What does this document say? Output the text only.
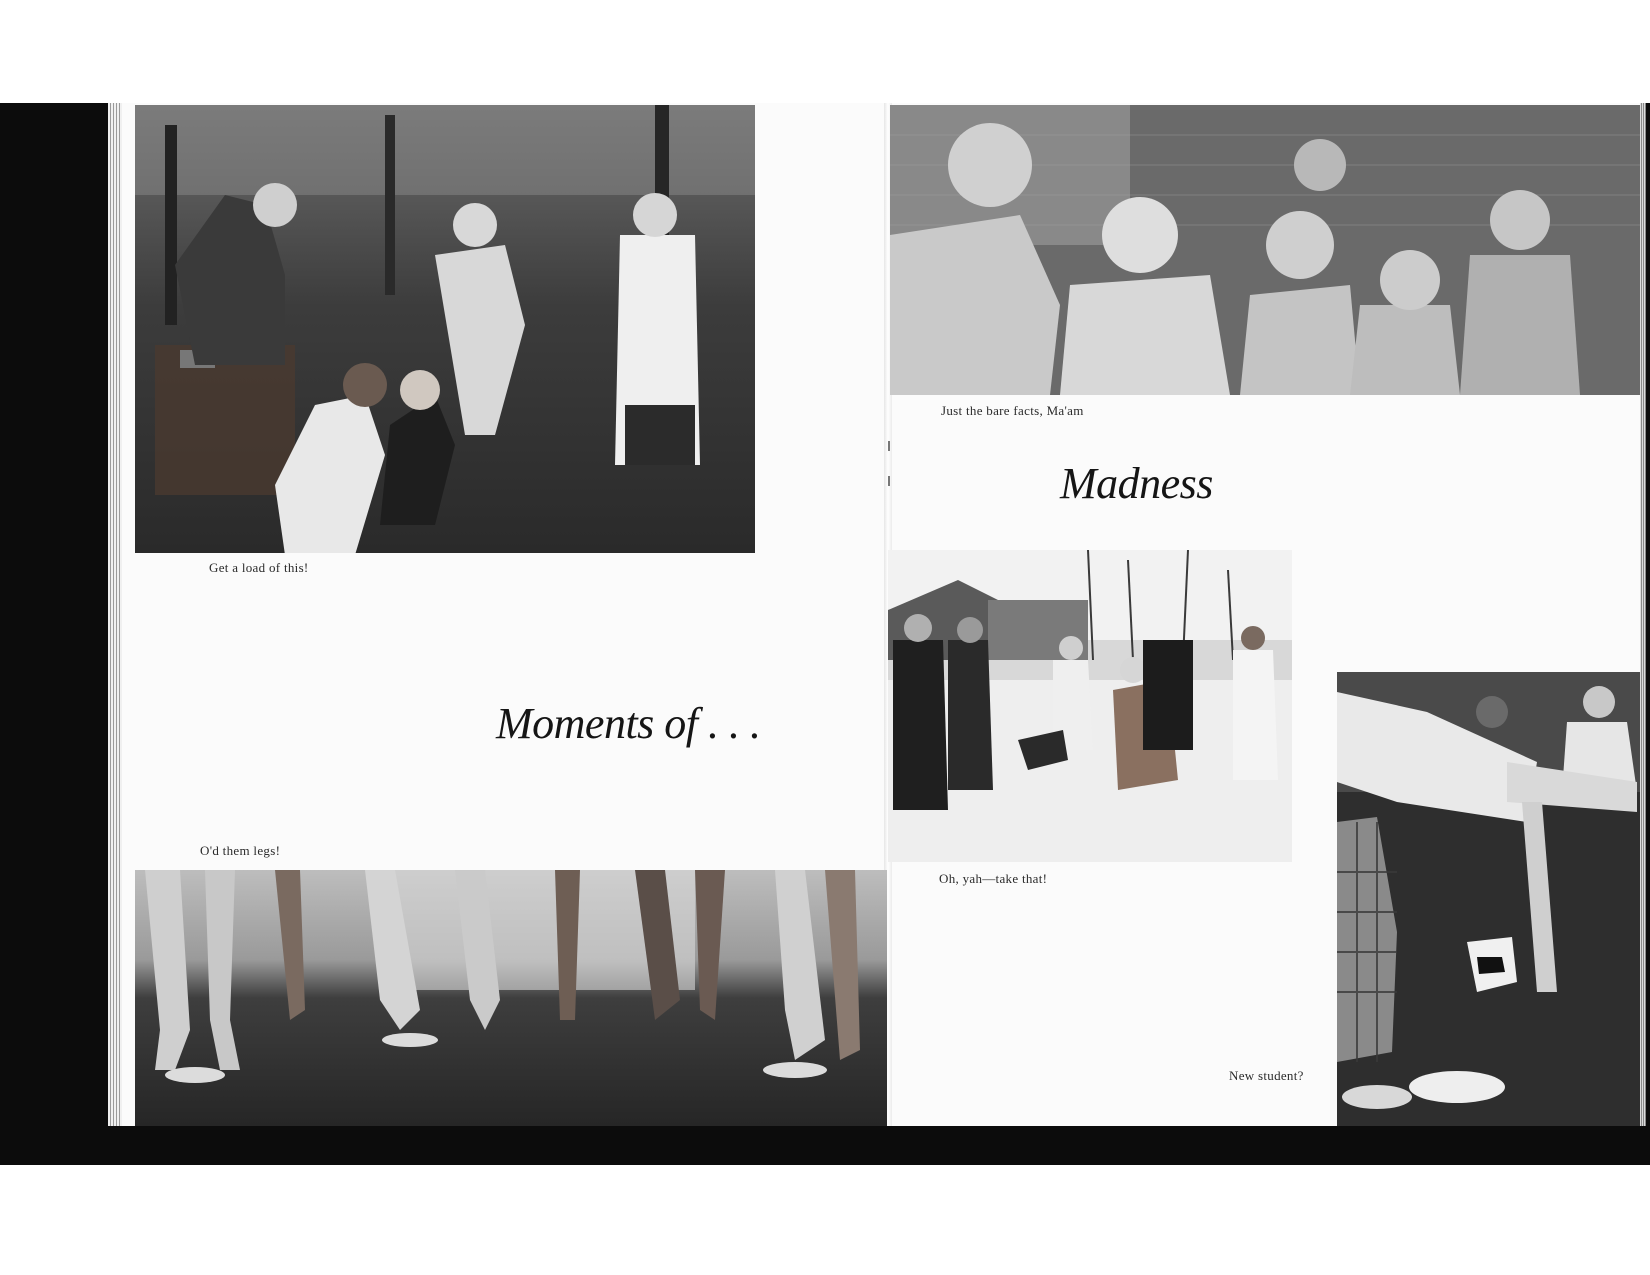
Get a load of this!
Moments of . . .
O'd them legs!
Just the bare facts, Ma'am
Madness
Oh, yah—take that!
New student?
